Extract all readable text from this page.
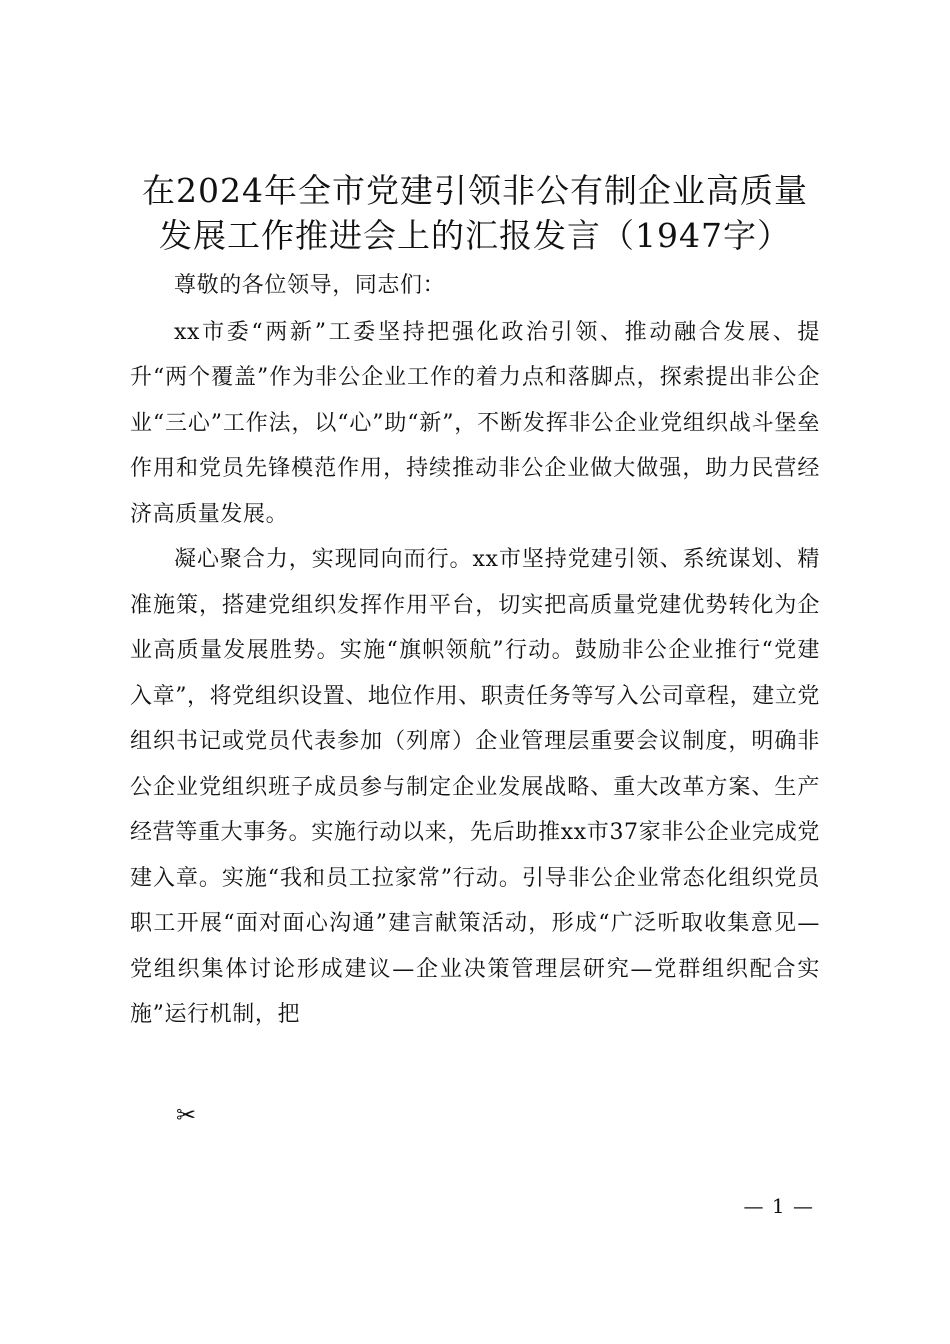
在2024年全市党建引领非公有制企业高质量
发展工作推进会上的汇报发言（1947字）

尊敬的各位领导，同志们：

xx市委“两新”工委坚持把强化政治引领、推动融合发展、提升“两个覆盖”作为非公企业工作的着力点和落脚点，探索提出非公企业“三心”工作法，以“心”助“新”，不断发挥非公企业党组织战斗堡垒作用和党员先锋模范作用，持续推动非公企业做大做强，助力民营经济高质量发展。

凝心聚合力，实现同向而行。xx市坚持党建引领、系统谋划、精准施策，搭建党组织发挥作用平台，切实把高质量党建优势转化为企业高质量发展胜势。实施“旗帜领航”行动。鼓励非公企业推行“党建入章”，将党组织设置、地位作用、职责任务等写入公司章程，建立党组织书记或党员代表参加（列席）企业管理层重要会议制度，明确非公企业党组织班子成员参与制定企业发展战略、重大改革方案、生产经营等重大事务。实施行动以来，先后助推xx市37家非公企业完成党建入章。实施“我和员工拉家常”行动。引导非公企业常态化组织党员职工开展“面对面心沟通”建言献策活动，形成“广泛听取收集意见—党组织集体讨论形成建议—企业决策管理层研究—党群组织配合实施”运行机制，把

✂
— 1 —
